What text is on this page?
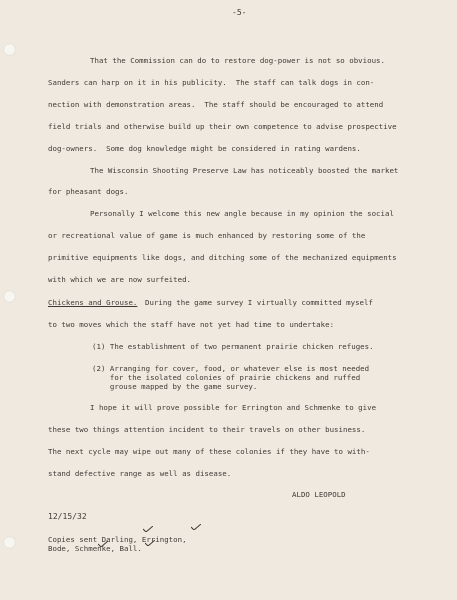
-5-
That the Commission can do to restore dog-power is not so obvious.
Sanders can harp on it in his publicity.  The staff can talk dogs in con-
nection with demonstration areas.  The staff should be encouraged to attend
field trials and otherwise build up their own competence to advise prospective
dog-owners.  Some dog knowledge might be considered in rating wardens.
The Wisconsin Shooting Preserve Law has noticeably boosted the market
for pheasant dogs.
Personally I welcome this new angle because in my opinion the social
or recreational value of game is much enhanced by restoring some of the
primitive equipments like dogs, and ditching some of the mechanized equipments
with which we are now surfeited.
Chickens and Grouse. During the game survey I virtually committed myself
to two moves which the staff have not yet had time to undertake:
(1) The establishment of two permanent prairie chicken refuges.
(2) Arranging for cover, food, or whatever else is most needed
for the isolated colonies of prairie chickens and ruffed
grouse mapped by the game survey.
I hope it will prove possible for Errington and Schmenke to give
these two things attention incident to their travels on other business.
The next cycle may wipe out many of these colonies if they have to with-
stand defective range as well as disease.
ALDO LEOPOLD
12/15/32
Copies sent Darling, Errington,
Bode, Schmenke, Ball.
